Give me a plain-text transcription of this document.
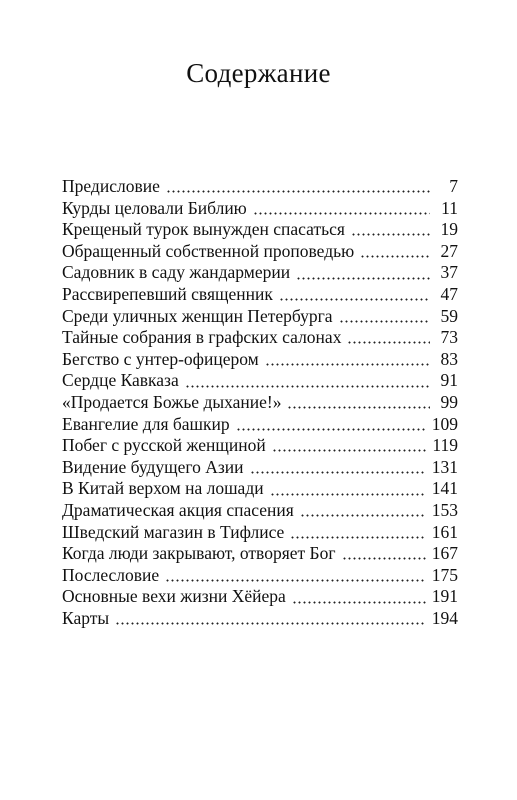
Содержание
Предисловие	7
Курды целовали Библию	11
Крещеный турок вынужден спасаться	19
Обращенный собственной проповедью	27
Садовник в саду жандармерии	37
Рассвирепевший священник	47
Среди уличных женщин Петербурга	59
Тайные собрания в графских салонах	73
Бегство с унтер-офицером	83
Сердце Кавказа	91
«Продается Божье дыхание!»	99
Евангелие для башкир	109
Побег с русской женщиной	119
Видение будущего Азии	131
В Китай верхом на лошади	141
Драматическая акция спасения	153
Шведский магазин в Тифлисе	161
Когда люди закрывают, отворяет Бог	167
Послесловие	175
Основные вехи жизни Хёйера	191
Карты	194
